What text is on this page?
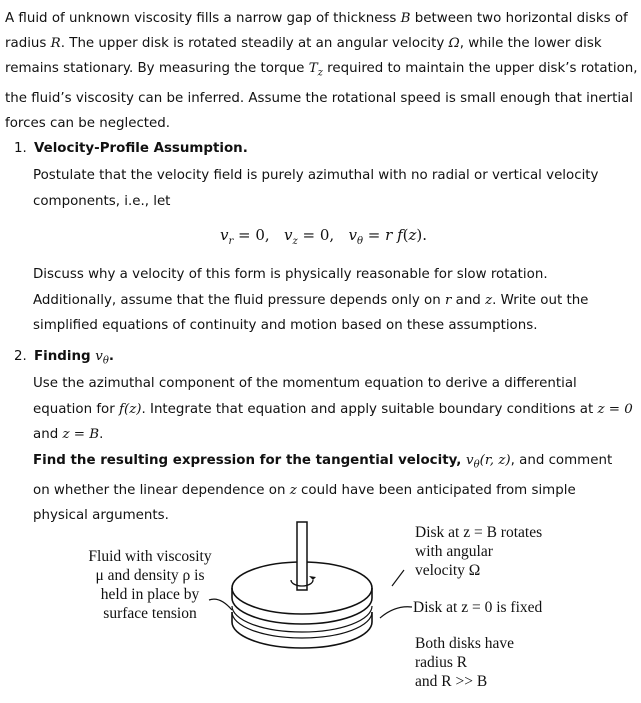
A fluid of unknown viscosity fills a narrow gap of thickness B between two horizontal disks of radius R. The upper disk is rotated steadily at an angular velocity Ω, while the lower disk remains stationary. By measuring the torque $T_z$ required to maintain the upper disk’s rotation, the fluid’s viscosity can be inferred. Assume the rotational speed is small enough that inertial forces can be neglected.
1. Velocity-Profile Assumption.
Postulate that the velocity field is purely azimuthal with no radial or vertical velocity components, i.e., let
$v_r = 0$,   $v_z = 0$,   $v_\theta = r$ f(z).
Discuss why a velocity of this form is physically reasonable for slow rotation. Additionally, assume that the fluid pressure depends only on r and z. Write out the simplified equations of continuity and motion based on these assumptions.
2. Finding $v_\theta$.
Use the azimuthal component of the momentum equation to derive a differential equation for f(z). Integrate that equation and apply suitable boundary conditions at z = 0 and z = B.
Find the resulting expression for the tangential velocity, $v_\theta(r$, z), and comment on whether the linear dependence on z could have been anticipated from simple physical arguments.
Fluid with viscosity
μ and density ρ is
held in place by
surface tension
Disk at z = B rotates
with angular
velocity Ω
Disk at z = 0 is fixed
Both disks have
radius R
and R >> B
